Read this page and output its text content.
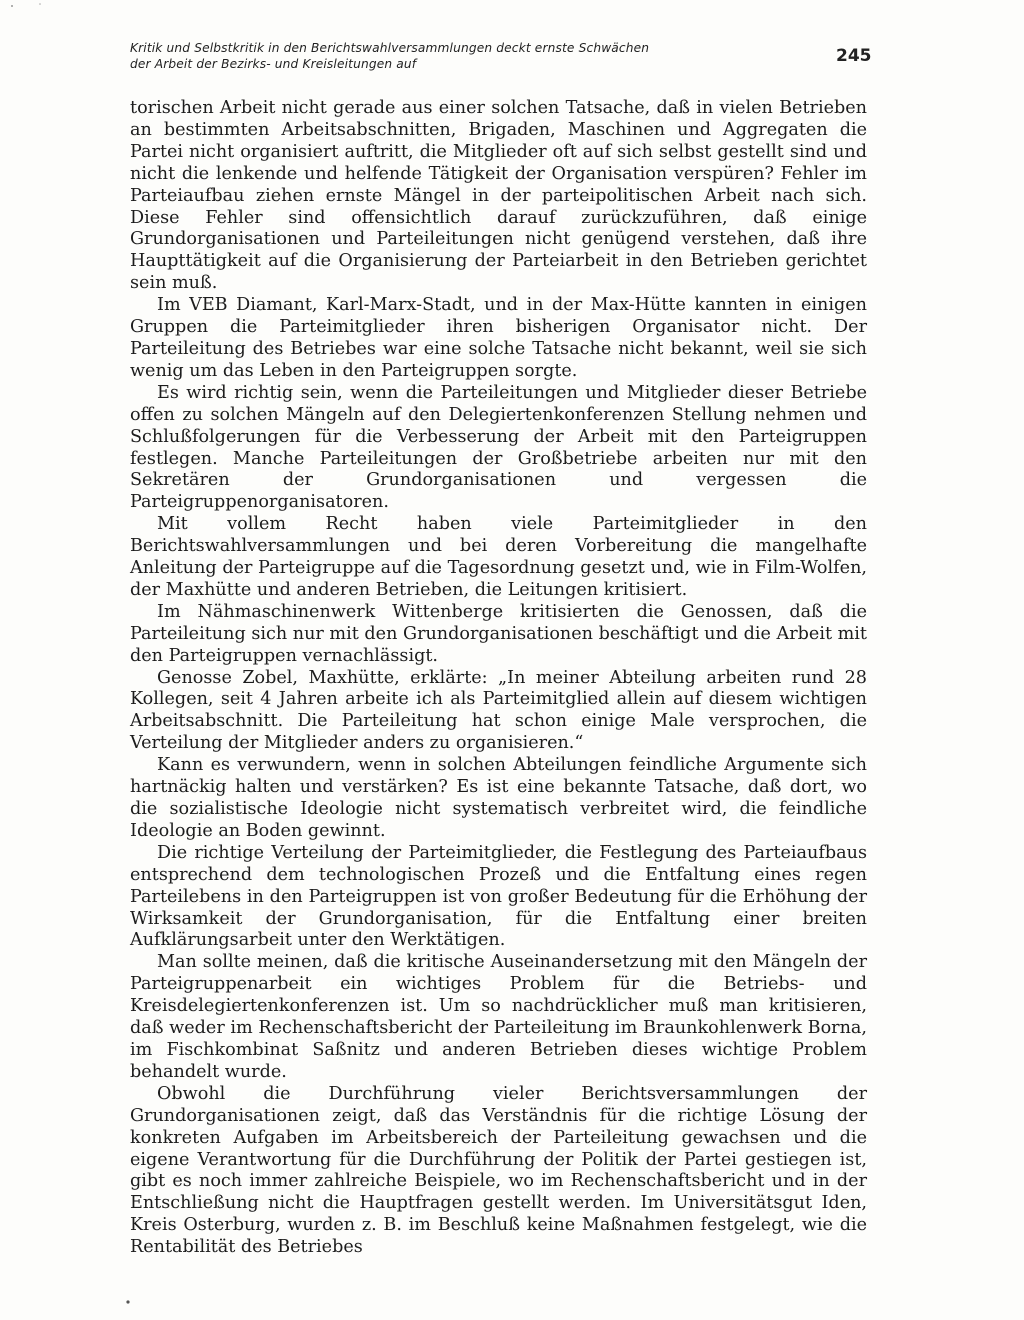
Kritik und Selbstkritik in den Berichtswahlversammlungen deckt ernste Schwächen
der Arbeit der Bezirks- und Kreisleitungen auf	245

torischen Arbeit nicht gerade aus einer solchen Tatsache, daß in vielen Betrieben an bestimmten Arbeitsabschnitten, Brigaden, Maschinen und Aggregaten die Partei nicht organisiert auftritt, die Mitglieder oft auf sich selbst gestellt sind und nicht die lenkende und helfende Tätigkeit der Organisation verspüren? Fehler im Parteiaufbau ziehen ernste Mängel in der parteipolitischen Arbeit nach sich. Diese Fehler sind offensichtlich darauf zurückzuführen, daß einige Grundorganisationen und Parteileitungen nicht genügend verstehen, daß ihre Haupttätigkeit auf die Organisierung der Parteiarbeit in den Betrieben gerichtet sein muß.

Im VEB Diamant, Karl-Marx-Stadt, und in der Max-Hütte kannten in einigen Gruppen die Parteimitglieder ihren bisherigen Organisator nicht. Der Parteileitung des Betriebes war eine solche Tatsache nicht bekannt, weil sie sich wenig um das Leben in den Parteigruppen sorgte.

Es wird richtig sein, wenn die Parteileitungen und Mitglieder dieser Betriebe offen zu solchen Mängeln auf den Delegiertenkonferenzen Stellung nehmen und Schlußfolgerungen für die Verbesserung der Arbeit mit den Parteigruppen festlegen. Manche Parteileitungen der Großbetriebe arbeiten nur mit den Sekretären der Grundorganisationen und vergessen die Parteigruppenorganisatoren.

Mit vollem Recht haben viele Parteimitglieder in den Berichtswahlversammlungen und bei deren Vorbereitung die mangelhafte Anleitung der Parteigruppe auf die Tagesordnung gesetzt und, wie in Film-Wolfen, der Maxhütte und anderen Betrieben, die Leitungen kritisiert.

Im Nähmaschinenwerk Wittenberge kritisierten die Genossen, daß die Parteileitung sich nur mit den Grundorganisationen beschäftigt und die Arbeit mit den Parteigruppen vernachlässigt.

Genosse Zobel, Maxhütte, erklärte: „In meiner Abteilung arbeiten rund 28 Kollegen, seit 4 Jahren arbeite ich als Parteimitglied allein auf diesem wichtigen Arbeitsabschnitt. Die Parteileitung hat schon einige Male versprochen, die Verteilung der Mitglieder anders zu organisieren.“

Kann es verwundern, wenn in solchen Abteilungen feindliche Argumente sich hartnäckig halten und verstärken? Es ist eine bekannte Tatsache, daß dort, wo die sozialistische Ideologie nicht systematisch verbreitet wird, die feindliche Ideologie an Boden gewinnt.

Die richtige Verteilung der Parteimitglieder, die Festlegung des Parteiaufbaus entsprechend dem technologischen Prozeß und die Entfaltung eines regen Parteilebens in den Parteigruppen ist von großer Bedeutung für die Erhöhung der Wirksamkeit der Grundorganisation, für die Entfaltung einer breiten Aufklärungsarbeit unter den Werktätigen.

Man sollte meinen, daß die kritische Auseinandersetzung mit den Mängeln der Parteigruppenarbeit ein wichtiges Problem für die Betriebs- und Kreisdelegiertenkonferenzen ist. Um so nachdrücklicher muß man kritisieren, daß weder im Rechenschaftsbericht der Parteileitung im Braunkohlenwerk Borna, im Fischkombinat Saßnitz und anderen Betrieben dieses wichtige Problem behandelt wurde.

Obwohl die Durchführung vieler Berichtsversammlungen der Grundorganisationen zeigt, daß das Verständnis für die richtige Lösung der konkreten Aufgaben im Arbeitsbereich der Parteileitung gewachsen und die eigene Verantwortung für die Durchführung der Politik der Partei gestiegen ist, gibt es noch immer zahlreiche Beispiele, wo im Rechenschaftsbericht und in der Entschließung nicht die Hauptfragen gestellt werden. Im Universitätsgut Iden, Kreis Osterburg, wurden z. B. im Beschluß keine Maßnahmen festgelegt, wie die Rentabilität des Betriebes
